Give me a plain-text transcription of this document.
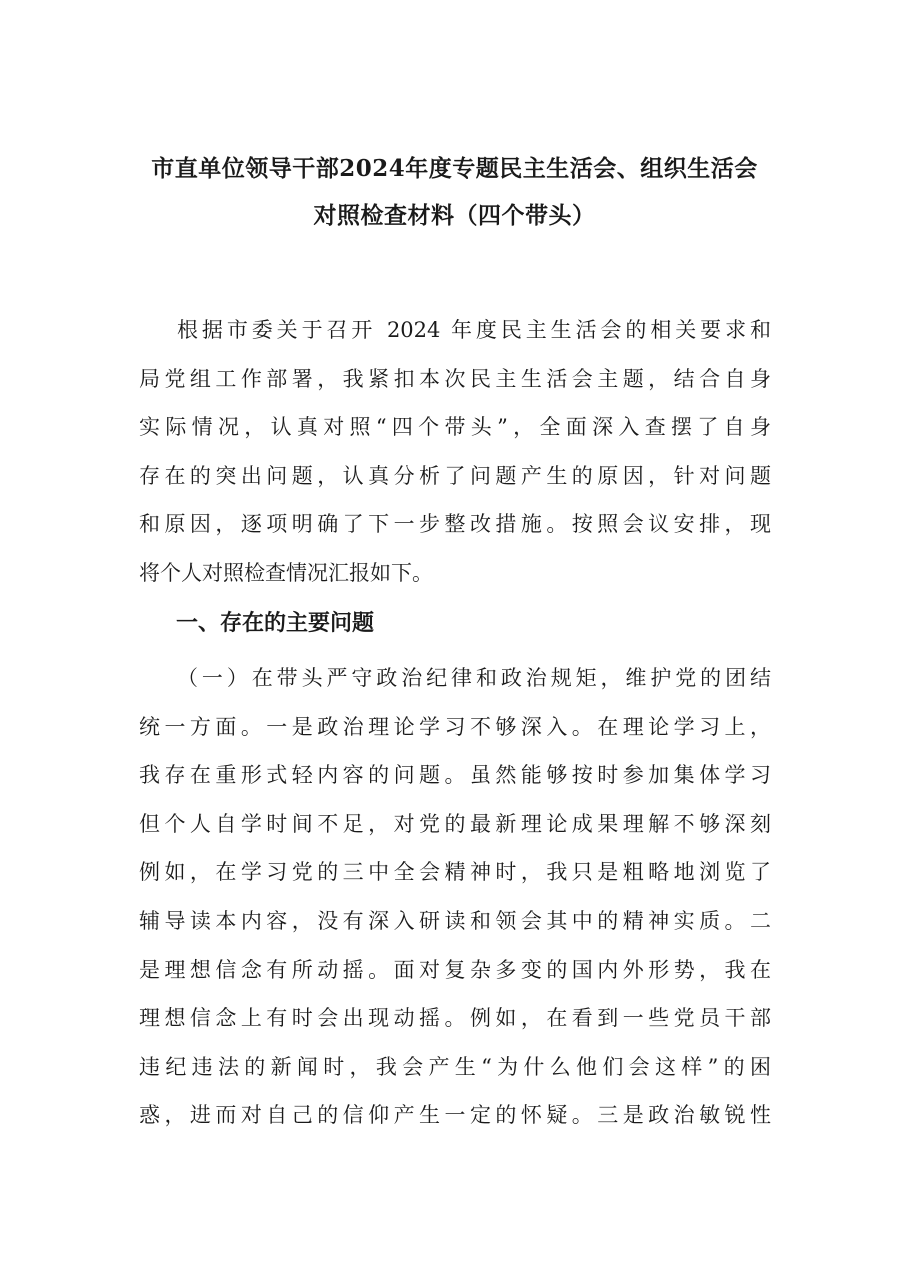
市直单位领导干部2024年度专题民主生活会、组织生活会
对照检查材料（四个带头）
根据市委关于召开 2024 年度民主生活会的相关要求和
局党组工作部署，我紧扣本次民主生活会主题，结合自身
实际情况，认真对照“四个带头”，全面深入查摆了自身
存在的突出问题，认真分析了问题产生的原因，针对问题
和原因，逐项明确了下一步整改措施。按照会议安排，现
将个人对照检查情况汇报如下。
一、存在的主要问题
（一）在带头严守政治纪律和政治规矩，维护党的团结
统一方面。一是政治理论学习不够深入。在理论学习上，
我存在重形式轻内容的问题。虽然能够按时参加集体学习
但个人自学时间不足，对党的最新理论成果理解不够深刻
例如，在学习党的三中全会精神时，我只是粗略地浏览了
辅导读本内容，没有深入研读和领会其中的精神实质。二
是理想信念有所动摇。面对复杂多变的国内外形势，我在
理想信念上有时会出现动摇。例如，在看到一些党员干部
违纪违法的新闻时，我会产生“为什么他们会这样”的困
惑，进而对自己的信仰产生一定的怀疑。三是政治敏锐性
